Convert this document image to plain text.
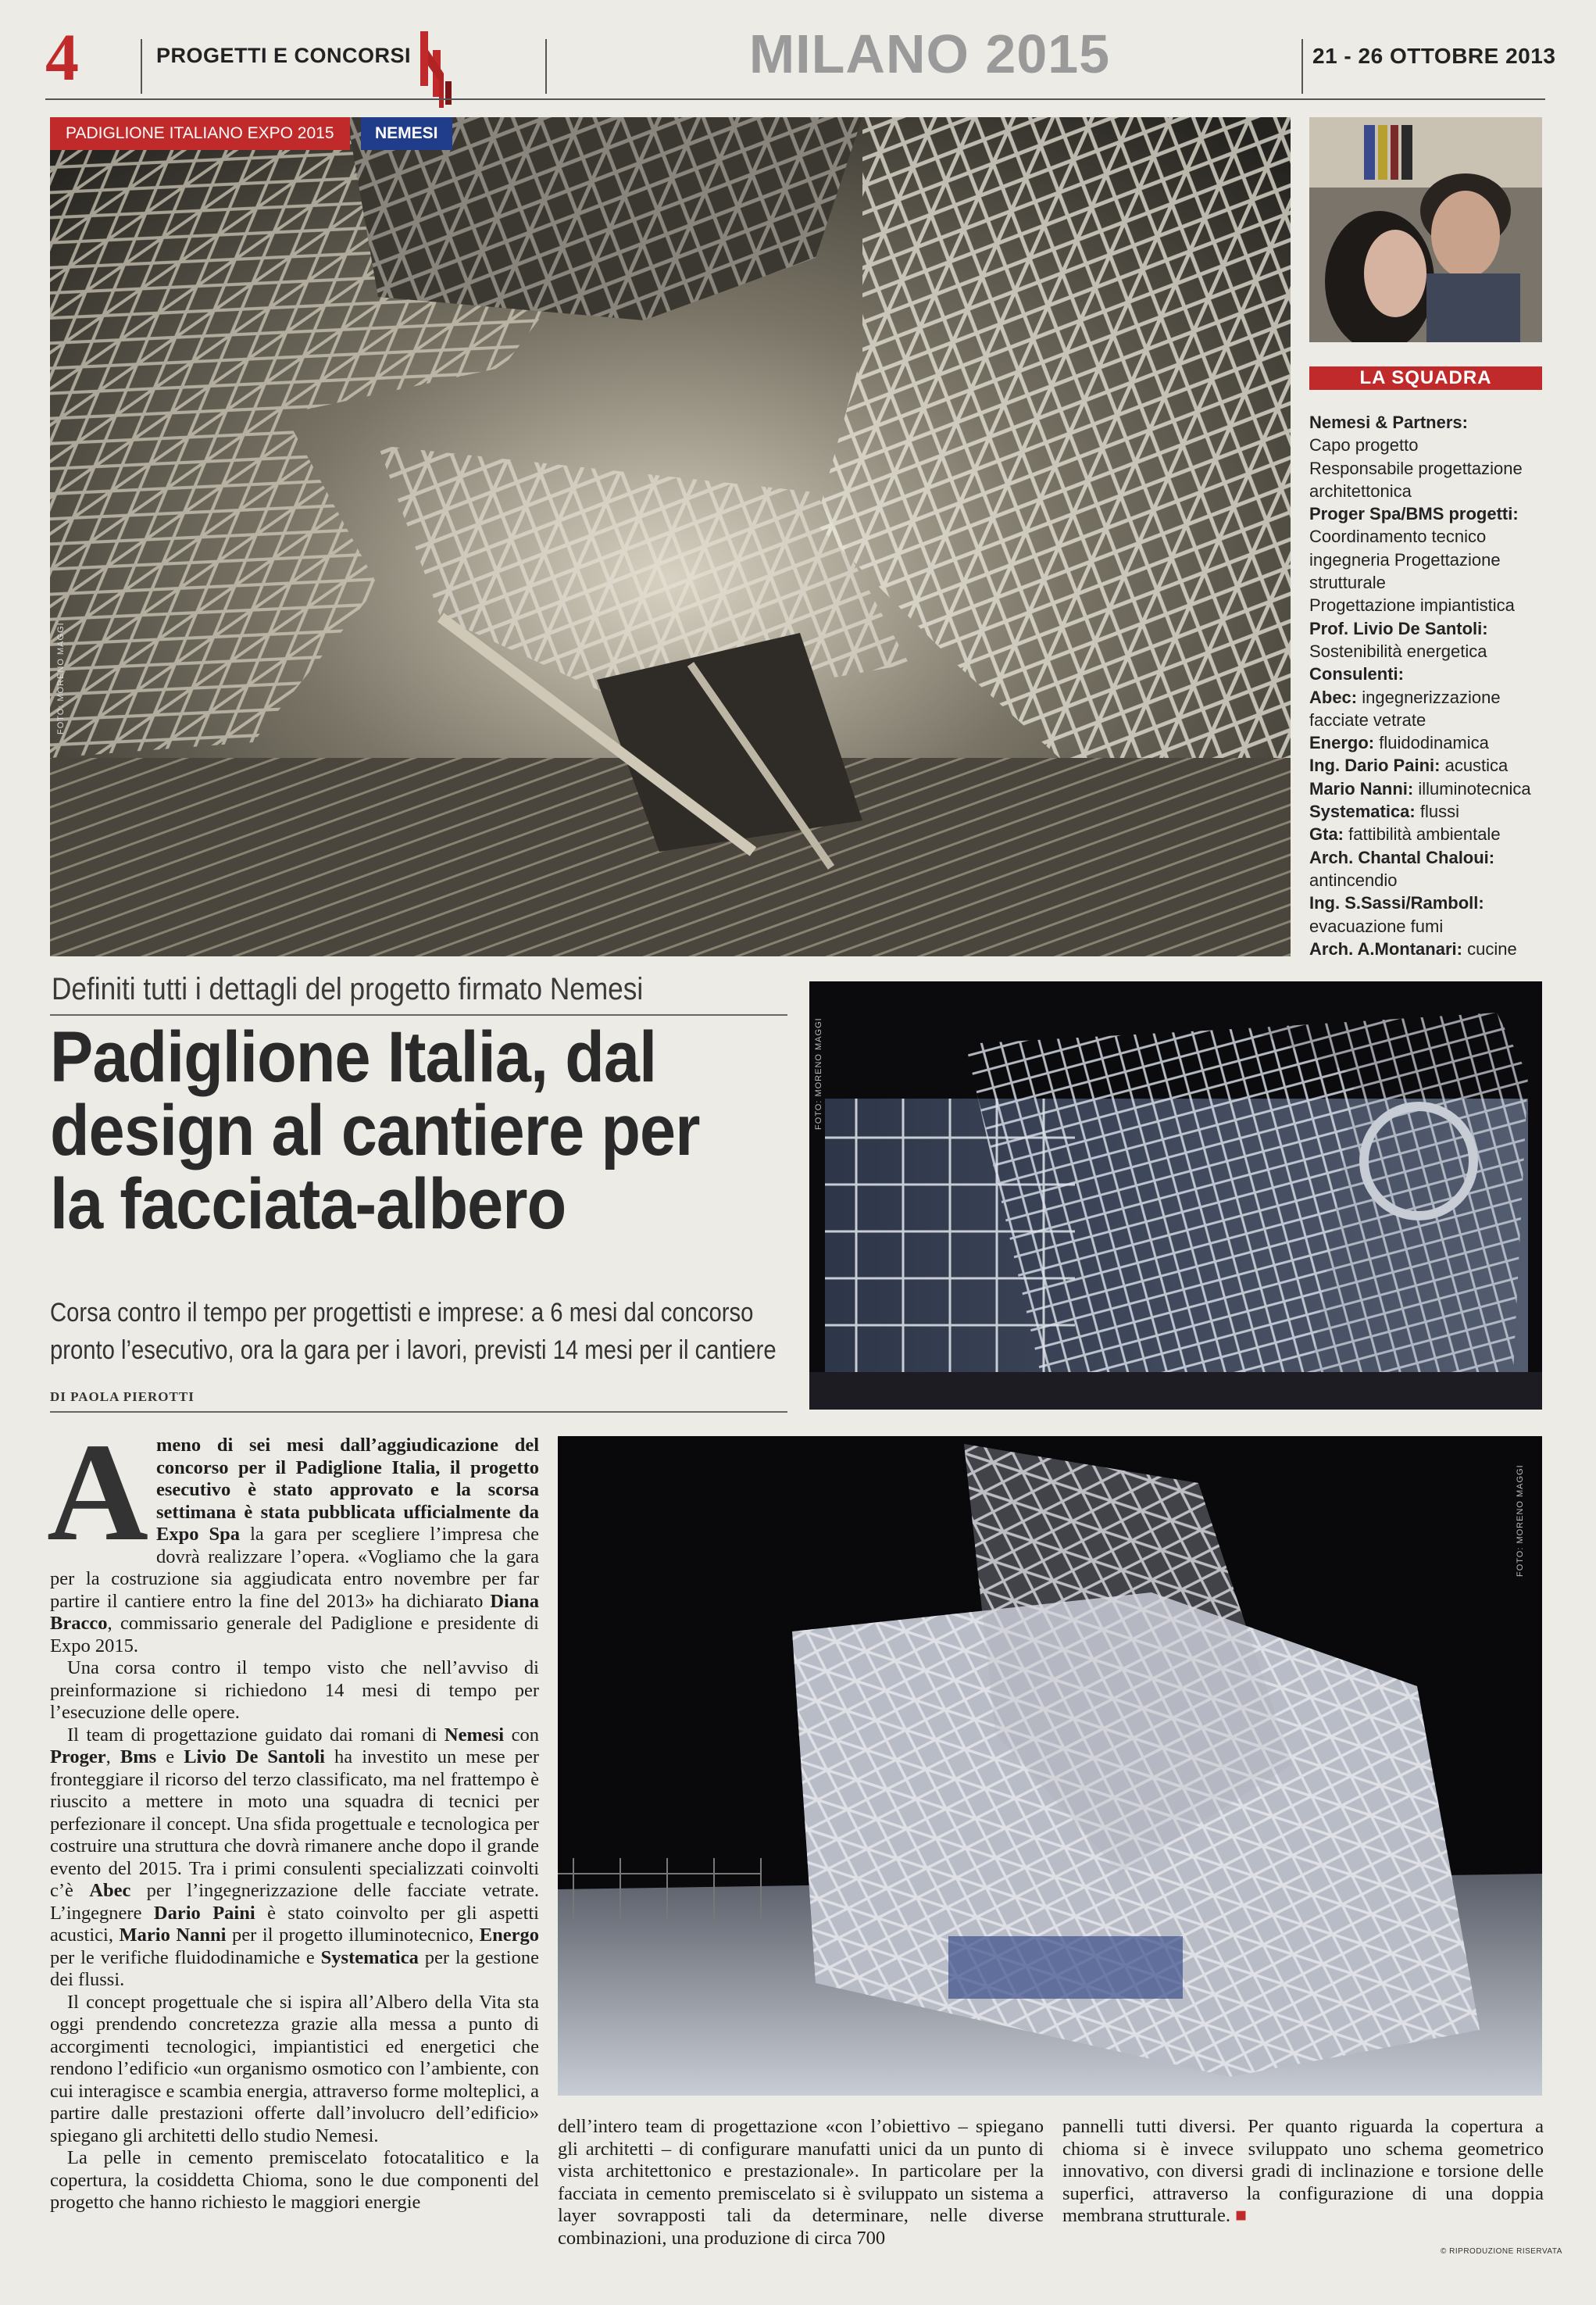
4	PROGETTI E CONCORSI	MILANO 2015	21 - 26 OTTOBRE 2013
FOTO: MORENO MAGGI
PADIGLIONE ITALIANO EXPO 2015	NEMESI
LA SQUADRA
Nemesi & Partners:
Capo progetto
Responsabile progettazione
architettonica
Proger Spa/BMS progetti:
Coordinamento tecnico
ingegneria Progettazione
strutturale
Progettazione impiantistica
Prof. Livio De Santoli:
Sostenibilità energetica
Consulenti:
Abec: ingegnerizzazione
facciate vetrate
Energo: fluidodinamica
Ing. Dario Paini: acustica
Mario Nanni: illuminotecnica
Systematica: flussi
Gta: fattibilità ambientale
Arch. Chantal Chaloui:
antincendio
Ing. S.Sassi/Ramboll:
evacuazione fumi
Arch. A.Montanari: cucine
Definiti tutti i dettagli del progetto firmato Nemesi
Padiglione Italia, dal design al cantiere per la facciata-albero
Corsa contro il tempo per progettisti e imprese: a 6 mesi dal concorso pronto l’esecutivo, ora la gara per i lavori, previsti 14 mesi per il cantiere
DI PAOLA PIEROTTI
FOTO: MORENO MAGGI
FOTO: MORENO MAGGI

Ameno di sei mesi dall’aggiudicazione del concorso per il Padiglione Italia, il progetto esecutivo è stato approvato e la scorsa settimana è stata pubblicata ufficialmente da Expo Spa la gara per scegliere l’impresa che dovrà realizzare l’opera. «Vogliamo che la gara per la costruzione sia aggiudicata entro novembre per far partire il cantiere entro la fine del 2013» ha dichiarato Diana Bracco, commissario generale del Padiglione e presidente di Expo 2015.

Una corsa contro il tempo visto che nell’avviso di preinformazione si richiedono 14 mesi di tempo per l’esecuzione delle opere.

Il team di progettazione guidato dai romani di Nemesi con Proger, Bms e Livio De Santoli ha investito un mese per fronteggiare il ricorso del terzo classificato, ma nel frattempo è riuscito a mettere in moto una squadra di tecnici per perfezionare il concept. Una sfida progettuale e tecnologica per costruire una struttura che dovrà rimanere anche dopo il grande evento del 2015. Tra i primi consulenti specializzati coinvolti c’è Abec per l’ingegnerizzazione delle facciate vetrate. L’ingegnere Dario Paini è stato coinvolto per gli aspetti acustici, Mario Nanni per il progetto illuminotecnico, Energo per le verifiche fluidodinamiche e Systematica per la gestione dei flussi.

Il concept progettuale che si ispira all’Albero della Vita sta oggi prendendo concretezza grazie alla messa a punto di accorgimenti tecnologici, impiantistici ed energetici che rendono l’edificio «un organismo osmotico con l’ambiente, con cui interagisce e scambia energia, attraverso forme molteplici, a partire dalle prestazioni offerte dall’involucro dell’edificio» spiegano gli architetti dello studio Nemesi.

La pelle in cemento premiscelato fotocatalitico e la copertura, la cosiddetta Chioma, sono le due componenti del progetto che hanno richiesto le maggiori energie

dell’intero team di progettazione «con l’obiettivo – spiegano gli architetti – di configurare manufatti unici da un punto di vista architettonico e prestazionale». In particolare per la facciata in cemento premiscelato si è sviluppato un sistema a layer sovrapposti tali da determinare, nelle diverse combinazioni, una produzione di circa 700

pannelli tutti diversi. Per quanto riguarda la copertura a chioma si è invece sviluppato uno schema geometrico innovativo, con diversi gradi di inclinazione e torsione delle superfici, attraverso la configurazione di una doppia membrana strutturale. ■

© RIPRODUZIONE RISERVATA
